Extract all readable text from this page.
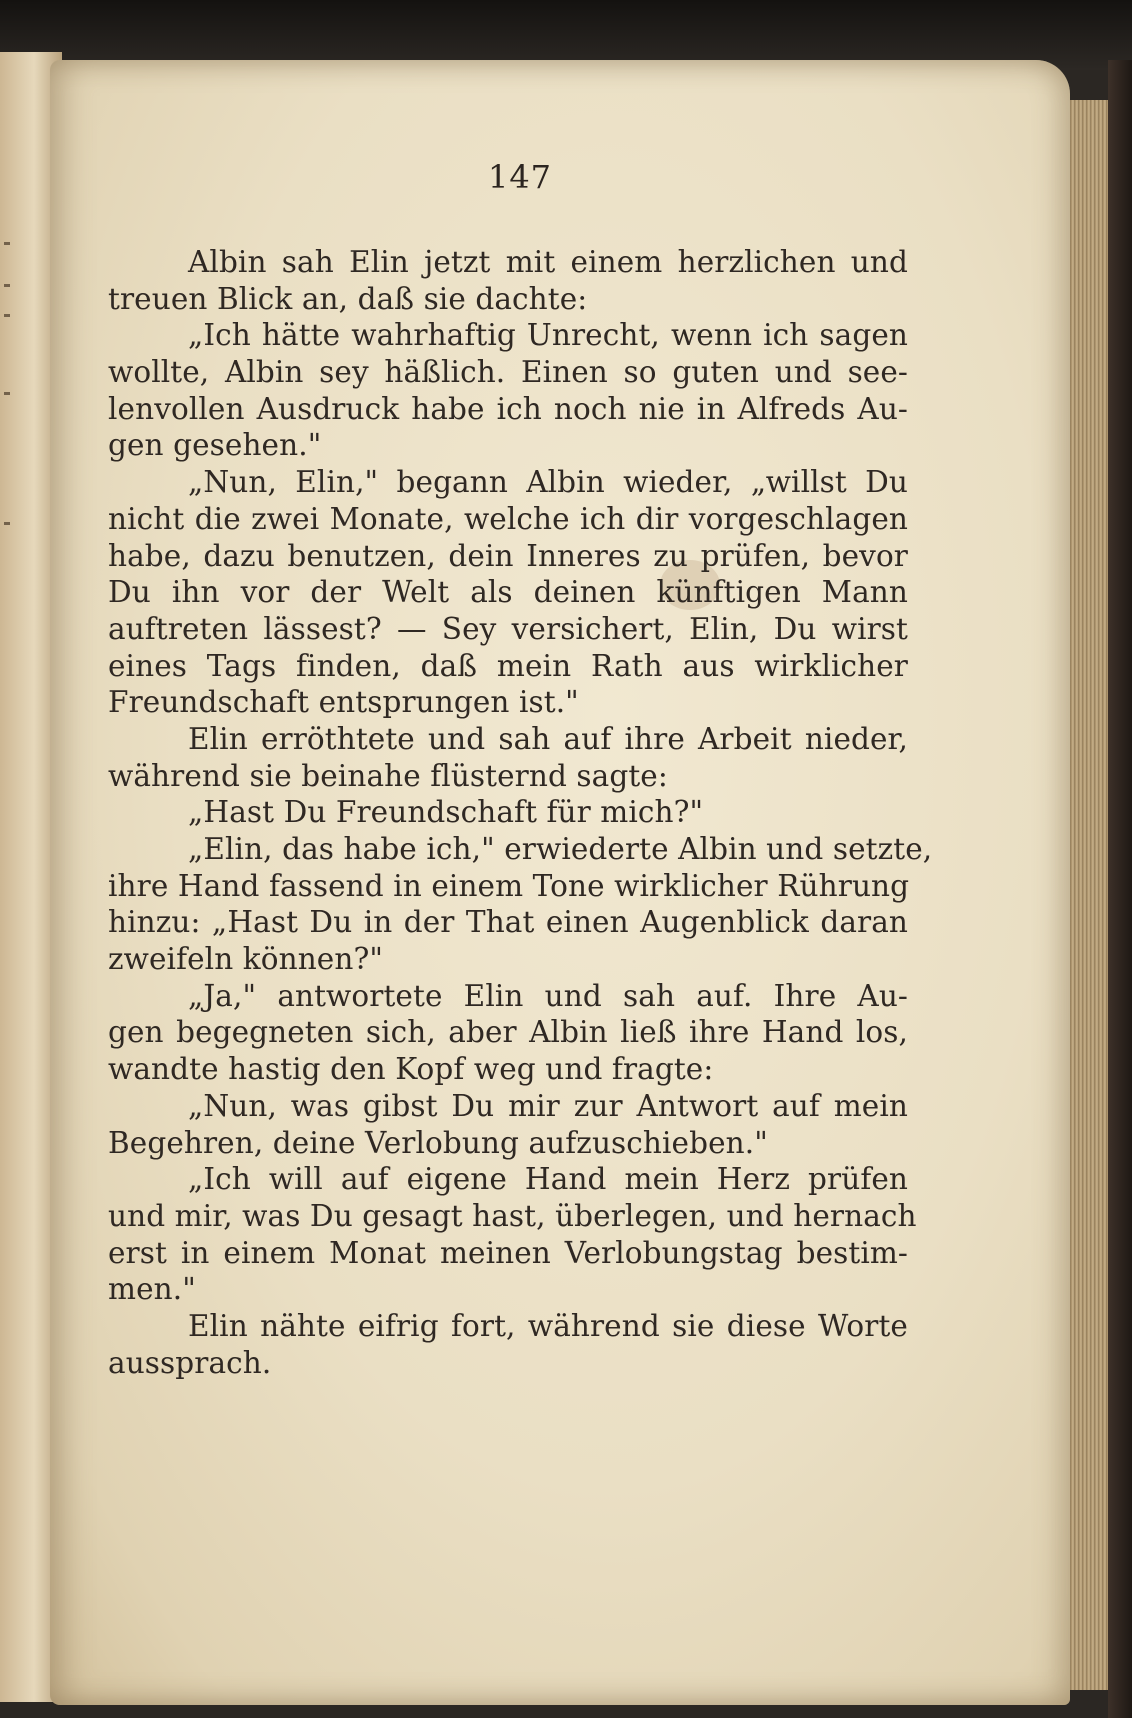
147
Albin sah Elin jetzt mit einem herzlichen und
treuen Blick an, daß sie dachte:
„Ich hätte wahrhaftig Unrecht, wenn ich sagen
wollte, Albin sey häßlich. Einen so guten und see-
lenvollen Ausdruck habe ich noch nie in Alfreds Au-
gen gesehen."
„Nun, Elin," begann Albin wieder, „willst Du
nicht die zwei Monate, welche ich dir vorgeschlagen
habe, dazu benutzen, dein Inneres zu prüfen, bevor
Du ihn vor der Welt als deinen künftigen Mann
auftreten lässest? — Sey versichert, Elin, Du wirst
eines Tags finden, daß mein Rath aus wirklicher
Freundschaft entsprungen ist."
Elin erröthtete und sah auf ihre Arbeit nieder,
während sie beinahe flüsternd sagte:
„Hast Du Freundschaft für mich?"
„Elin, das habe ich," erwiederte Albin und setzte,
ihre Hand fassend in einem Tone wirklicher Rührung
hinzu: „Hast Du in der That einen Augenblick daran
zweifeln können?"
„Ja," antwortete Elin und sah auf. Ihre Au-
gen begegneten sich, aber Albin ließ ihre Hand los,
wandte hastig den Kopf weg und fragte:
„Nun, was gibst Du mir zur Antwort auf mein
Begehren, deine Verlobung aufzuschieben."
„Ich will auf eigene Hand mein Herz prüfen
und mir, was Du gesagt hast, überlegen, und hernach
erst in einem Monat meinen Verlobungstag bestim-
men."
Elin nähte eifrig fort, während sie diese Worte
aussprach.
